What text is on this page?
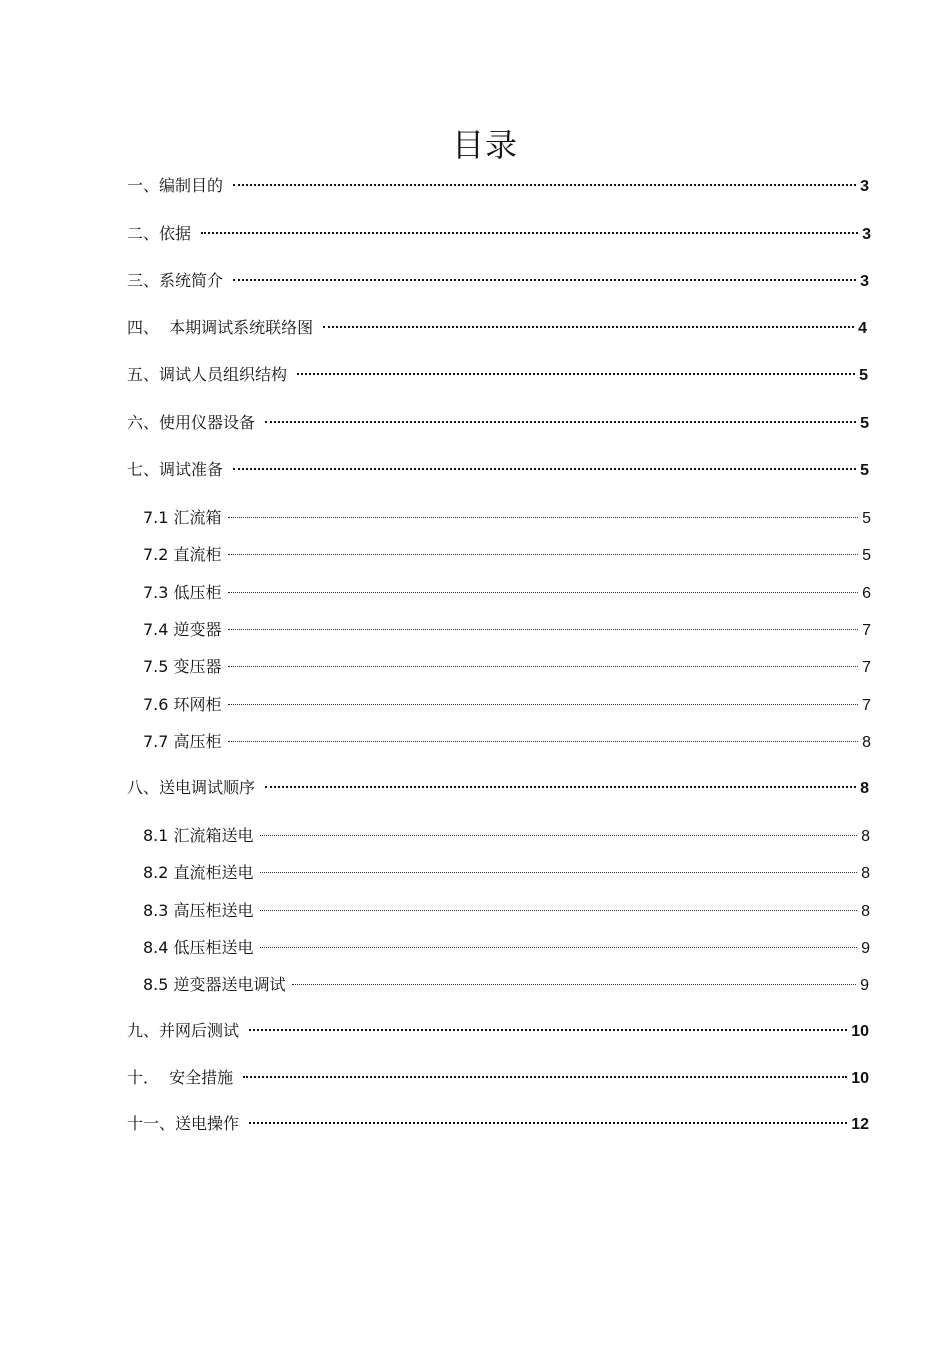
目录
一、编制目的	3
二、依据	3
三、系统简介	3
四、  本期调试系统联络图	4
五、调试人员组织结构	5
六、使用仪器设备	5
七、调试准备	5
7.1 汇流箱	5
7.2 直流柜	5
7.3 低压柜	6
7.4 逆变器	7
7.5 变压器	7
7.6 环网柜	7
7.7 高压柜	8
八、送电调试顺序	8
8.1 汇流箱送电	8
8.2 直流柜送电	8
8.3 高压柜送电	8
8.4 低压柜送电	9
8.5 逆变器送电调试	9
九、并网后测试	10
十．  安全措施	10
十一、送电操作	12
